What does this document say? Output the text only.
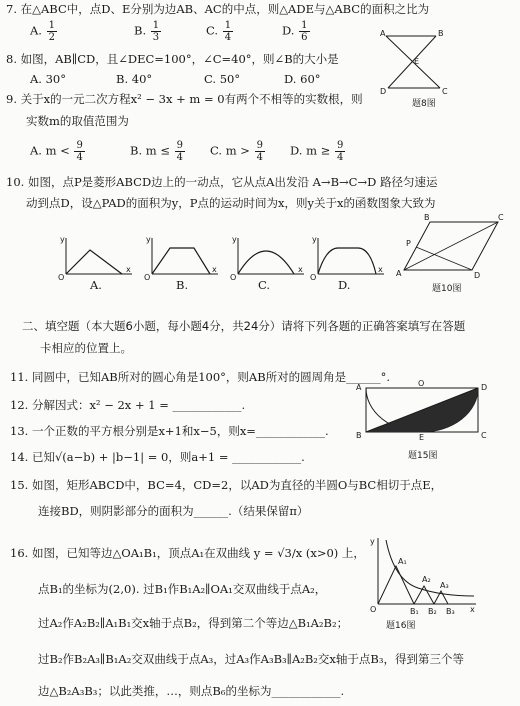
7. 在△ABC中，点D、E分别为边AB、AC的中点，则△ADE与△ABC的面积之比为
A. $\frac{1}{2}$	B. $\frac{1}{3}$	C. $\frac{1}{4}$	D. $\frac{1}{6}$
8. 如图，AB∥CD，且∠DEC=100°，∠C=40°，则∠B的大小是
A. 30°	B. 40°	C. 50°	D. 60°
A	B
E
D	C
题8图
9. 关于x的一元二次方程x² − 3x + m = 0有两个不相等的实数根，则
实数m的取值范围为
A. $m < \frac{9}{4}$	B. $m \le \frac{9}{4} C$. $m > \frac{9}{4} D$. $m \ge \frac{9}{4}$
10. 如图，点P是菱形ABCD边上的一动点，它从点A出发沿 A→B→C→D 路径匀速运
动到点D，设△PAD的面积为y，P点的运动时间为x，则y关于x的函数图象大致为
y
x
O
A.
y
x
O
B.
y
x
O
C.
y
x
O
D.
A
B	C
D
P
题10图
二、填空题（本大题6小题，每小题4分，共24分）请将下列各题的正确答案填写在答题
卡相应的位置上。
11. 同圆中，已知AB所对的圆心角是100°，则AB所对的圆周角是______°.
12. 分解因式：x² − 2x + 1 = ____________.
13. 一个正数的平方根分别是x+1和x−5，则x=____________.
14. 已知√(a−b) + |b−1| = 0，则a+1 = ____________.
A	O	D
B	E	C
题15图
15. 如图，矩形ABCD中，BC=4，CD=2，以AD为直径的半圆O与BC相切于点E，
连接BD，则阴影部分的面积为______.（结果保留π）
16. 如图，已知等边△OA₁B₁，顶点A₁在双曲线 y = √3/x (x>0) 上，
点B₁的坐标为(2,0). 过B₁作B₁A₂∥OA₁交双曲线于点A₂，
过A₂作A₂B₂∥A₁B₁交x轴于点B₂，得到第二个等边△B₁A₂B₂；
过B₂作B₂A₃∥B₁A₂交双曲线于点A₃，过A₃作A₃B₃∥A₂B₂交x轴于点B₃，得到第三个等
边△B₂A₃B₃；以此类推，…，则点B₆的坐标为____________.
y
A₁
A₂
A₃
O	B₁ B₂ B₃ x
题16图
